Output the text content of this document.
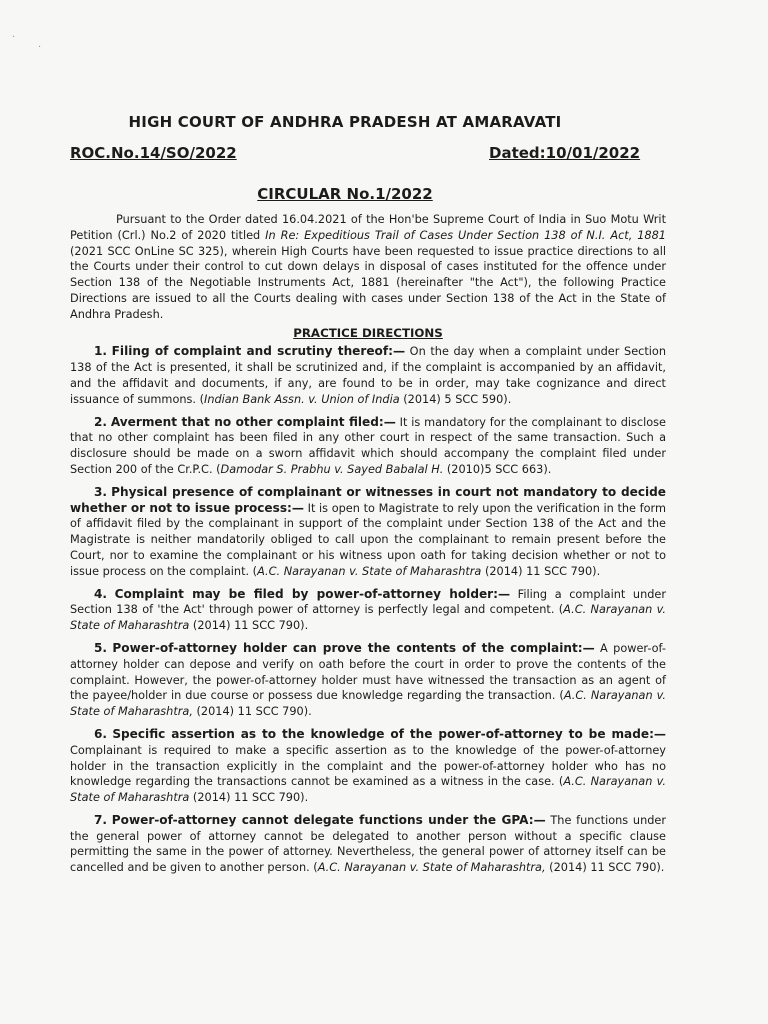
·
·
HIGH COURT OF ANDHRA PRADESH AT AMARAVATI
ROC.No.14/SO/2022	Dated:10/01/2022
CIRCULAR No.1/2022

Pursuant to the Order dated 16.04.2021 of the Hon'be Supreme Court of India in Suo Motu Writ Petition (Crl.) No.2 of 2020 titled In Re: Expeditious Trail of Cases Under Section 138 of N.I. Act, 1881 (2021 SCC OnLine SC 325), wherein High Courts have been requested to issue practice directions to all the Courts under their control to cut down delays in disposal of cases instituted for the offence under Section 138 of the Negotiable Instruments Act, 1881 (hereinafter "the Act"), the following Practice Directions are issued to all the Courts dealing with cases under Section 138 of the Act in the State of Andhra Pradesh.

PRACTICE DIRECTIONS

1. Filing of complaint and scrutiny thereof:— On the day when a complaint under Section 138 of the Act is presented, it shall be scrutinized and, if the complaint is accompanied by an affidavit, and the affidavit and documents, if any, are found to be in order, may take cognizance and direct issuance of summons. (Indian Bank Assn. v. Union of India (2014) 5 SCC 590).

2. Averment that no other complaint filed:— It is mandatory for the complainant to disclose that no other complaint has been filed in any other court in respect of the same transaction. Such a disclosure should be made on a sworn affidavit which should accompany the complaint filed under Section 200 of the Cr.P.C. (Damodar S. Prabhu v. Sayed Babalal H. (2010)5 SCC 663).

3. Physical presence of complainant or witnesses in court not mandatory to decide whether or not to issue process:— It is open to Magistrate to rely upon the verification in the form of affidavit filed by the complainant in support of the complaint under Section 138 of the Act and the Magistrate is neither mandatorily obliged to call upon the complainant to remain present before the Court, nor to examine the complainant or his witness upon oath for taking decision whether or not to issue process on the complaint. (A.C. Narayanan v. State of Maharashtra (2014) 11 SCC 790).

4. Complaint may be filed by power-of-attorney holder:— Filing a complaint under Section 138 of 'the Act' through power of attorney is perfectly legal and competent. (A.C. Narayanan v. State of Maharashtra (2014) 11 SCC 790).

5. Power-of-attorney holder can prove the contents of the complaint:— A power-of-attorney holder can depose and verify on oath before the court in order to prove the contents of the complaint. However, the power-of-attorney holder must have witnessed the transaction as an agent of the payee/holder in due course or possess due knowledge regarding the transaction. (A.C. Narayanan v. State of Maharashtra, (2014) 11 SCC 790).

6. Specific assertion as to the knowledge of the power-of-attorney to be made:— Complainant is required to make a specific assertion as to the knowledge of the power-of-attorney holder in the transaction explicitly in the complaint and the power-of-attorney holder who has no knowledge regarding the transactions cannot be examined as a witness in the case. (A.C. Narayanan v. State of Maharashtra (2014) 11 SCC 790).

7. Power-of-attorney cannot delegate functions under the GPA:— The functions under the general power of attorney cannot be delegated to another person without a specific clause permitting the same in the power of attorney. Nevertheless, the general power of attorney itself can be cancelled and be given to another person. (A.C. Narayanan v. State of Maharashtra, (2014) 11 SCC 790).
